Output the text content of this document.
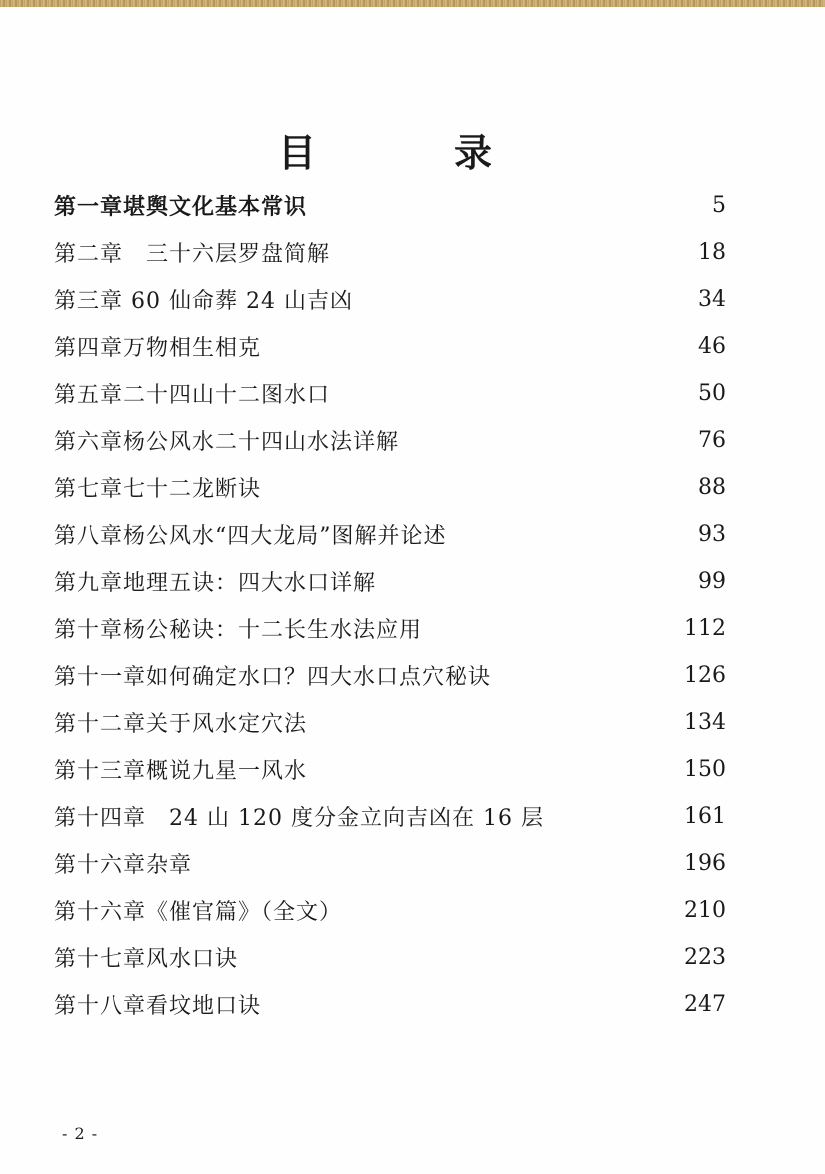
目　录
第一章堪舆文化基本常识	5
第二章　三十六层罗盘简解	18
第三章 60 仙命葬 24 山吉凶	34
第四章万物相生相克	46
第五章二十四山十二图水口	50
第六章杨公风水二十四山水法详解	76
第七章七十二龙断诀	88
第八章杨公风水“四大龙局”图解并论述	93
第九章地理五诀：四大水口详解	99
第十章杨公秘诀：十二长生水法应用	112
第十一章如何确定水口？四大水口点穴秘诀	126
第十二章关于风水定穴法	134
第十三章概说九星一风水	150
第十四章　24 山 120 度分金立向吉凶在 16 层	161
第十六章杂章	196
第十六章《催官篇》（全文）	210
第十七章风水口诀	223
第十八章看坟地口诀	247
- 2 -
